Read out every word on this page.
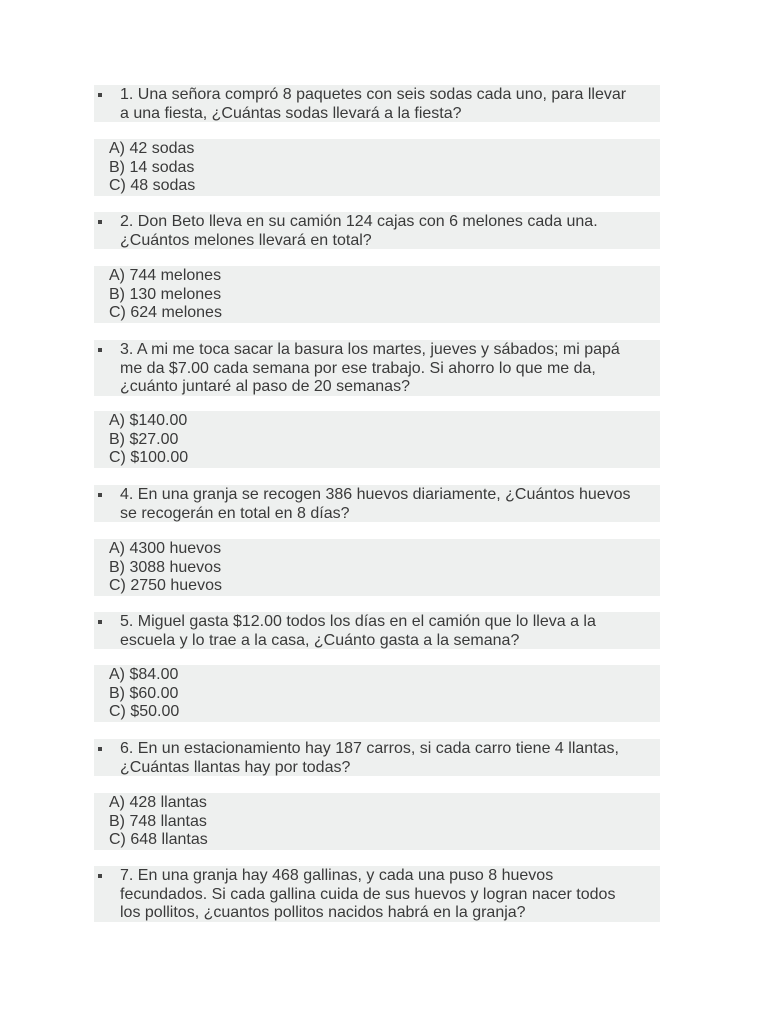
1. Una señora compró 8 paquetes con seis sodas cada uno, para llevar
a una fiesta, ¿Cuántas sodas llevará a la fiesta?
A) 42 sodas
B) 14 sodas
C) 48 sodas
2. Don Beto lleva en su camión 124 cajas con 6 melones cada una.
¿Cuántos melones llevará en total?
A) 744 melones
B) 130 melones
C) 624 melones
3. A mi me toca sacar la basura los martes, jueves y sábados; mi papá
me da $7.00 cada semana por ese trabajo. Si ahorro lo que me da,
¿cuánto juntaré al paso de 20 semanas?
A) $140.00
B) $27.00
C) $100.00
4. En una granja se recogen 386 huevos diariamente, ¿Cuántos huevos
se recogerán en total en 8 días?
A) 4300 huevos
B) 3088 huevos
C) 2750 huevos
5. Miguel gasta $12.00 todos los días en el camión que lo lleva a la
escuela y lo trae a la casa, ¿Cuánto gasta a la semana?
A) $84.00
B) $60.00
C) $50.00
6. En un estacionamiento hay 187 carros, si cada carro tiene 4 llantas,
¿Cuántas llantas hay por todas?
A) 428 llantas
B) 748 llantas
C) 648 llantas
7. En una granja hay 468 gallinas, y cada una puso 8 huevos
fecundados. Si cada gallina cuida de sus huevos y logran nacer todos
los pollitos, ¿cuantos pollitos nacidos habrá en la granja?
